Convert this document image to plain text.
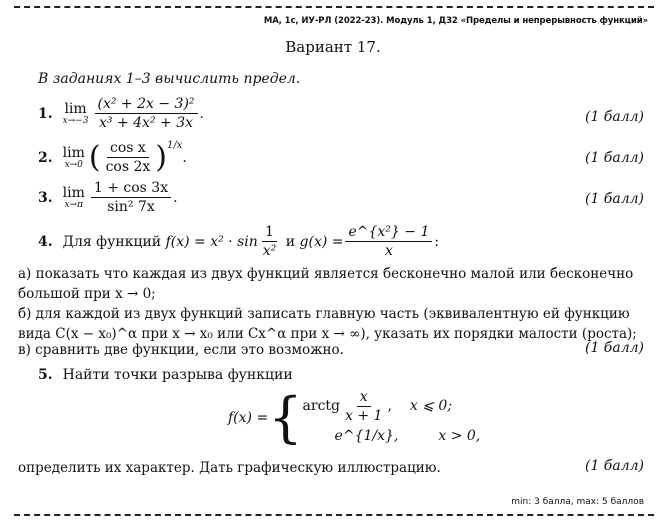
МА, 1с, ИУ-РЛ (2022-23). Модуль 1, ДЗ2 «Пределы и непрерывность функций»
Вариант 17.
В заданиях 1–3 вычислить предел.
1. lim
$x\to-3 \frac{\text{(x² + 2x − 3)²}}{\text{x³ + 4x² + 3x}}$ .	(1 балл)
2. lim
x→0 ( $\frac{\text{cos x}}{\cos 2x} )^{1/x}$
.	(1 балл)
3. lim
$x\to\pi \frac{1 + \cos 3x}{\text{sin² 7x}}$ .	(1 балл)
4. Для функций
$f(x) = x^2 \cdot \sin \frac{1}{\text{x²}}$
и
$g(x) = \frac{\text{e\textasciicircum{}\{x²\} − 1}}{x}$ :
а) показать что каждая из двух функций является бесконечно малой или бесконечно большой при x → 0;
б) для каждой из двух функций записать главную часть (эквивалентную ей функцию вида C(x − x₀)^α при x → x₀ или Cx^α при x → ∞), указать их порядки малости (роста);
в) сравнить две функции, если это возможно.	(1 балл)
5. Найти точки разрыва функции
f(x) = { arctg $\frac{x}{x + 1}$ , x ⩽ 0;
e^{1/x},	x > 0,
определить их характер. Дать графическую иллюстрацию.	(1 балл)
min: 3 балла, max: 5 баллов
